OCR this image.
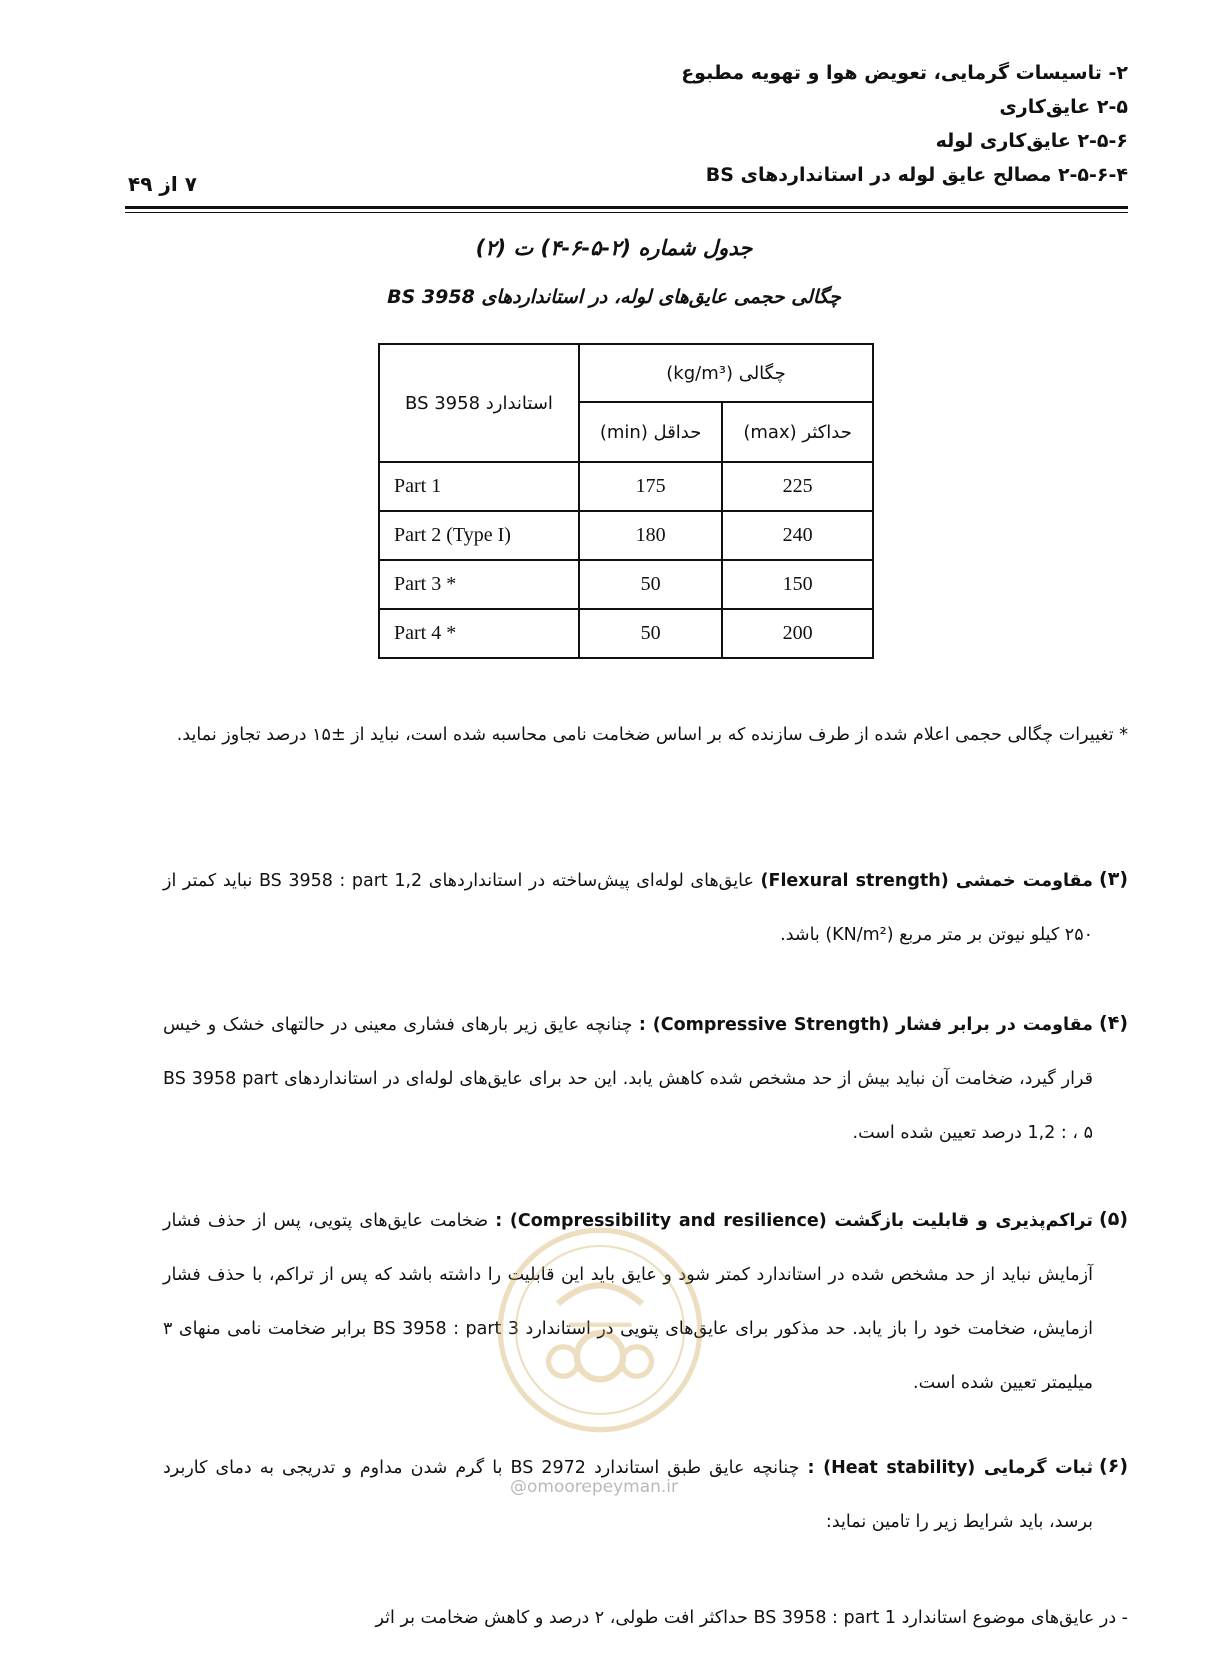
۲- تاسیسات گرمایی، تعویض هوا و تهویه مطبوع
۲-۵ عایق‌کاری
۲-۵-۶ عایق‌کاری لوله
۲-۵-۶-۴ مصالح عایق لوله در استانداردهای BS
۷ از ۴۹
جدول شماره (۲-۵-۶-۴) ت (۲)
چگالی حجمی عایق‌های لوله، در استانداردهای BS 3958
استاندارد BS 3958	چگالی (kg/m³)	
	حداقل (min)	حداکثر (max)
Part 1	175	225
Part 2 (Type I)	180	240
Part 3 *	50	150
Part 4 *	50	200
* تغییرات چگالی حجمی اعلام شده از طرف سازنده که بر اساس ضخامت نامی محاسبه شده است، نباید از ±۱۵ درصد تجاوز نماید.
(۳)
مقاومت خمشی (Flexural strength) عایق‌های لوله‌ای پیش‌ساخته در استانداردهای BS 3958 : part 1,2 نباید کمتر از ۲۵۰ کیلو نیوتن بر متر مربع (KN/m²) باشد.
(۴)
مقاومت در برابر فشار (Compressive Strength) : چنانچه عایق زیر بارهای فشاری معینی در حالتهای خشک و خیس قرار گیرد، ضخامت آن نباید بیش از حد مشخص شده کاهش یابد. این حد برای عایق‌های لوله‌ای در استانداردهای BS 3958 part 1,2 : ، ۵ درصد تعیین شده است.
(۵)
تراکم‌پذیری و قابلیت بازگشت (Compressibility and resilience) : ضخامت عایق‌های پتویی، پس از حذف فشار آزمایش نباید از حد مشخص شده در استاندارد کمتر شود و عایق باید این قابلیت را داشته باشد که پس از تراکم، با حذف فشار ازمایش، ضخامت خود را باز یابد. حد مذکور برای عایق‌های پتویی در استاندارد BS 3958 : part 3 برابر ضخامت نامی منهای ۳ میلیمتر تعیین شده است.
(۶)
ثبات گرمایی (Heat stability) : چنانچه عایق طبق استاندارد BS 2972 با گرم شدن مداوم و تدریجی به دمای کاربرد برسد، باید شرایط زیر را تامین نماید:
- در عایق‌های موضوع استاندارد BS 3958 : part 1 حداکثر افت طولی، ۲ درصد و کاهش ضخامت بر اثر
@omoorepeyman.ir
